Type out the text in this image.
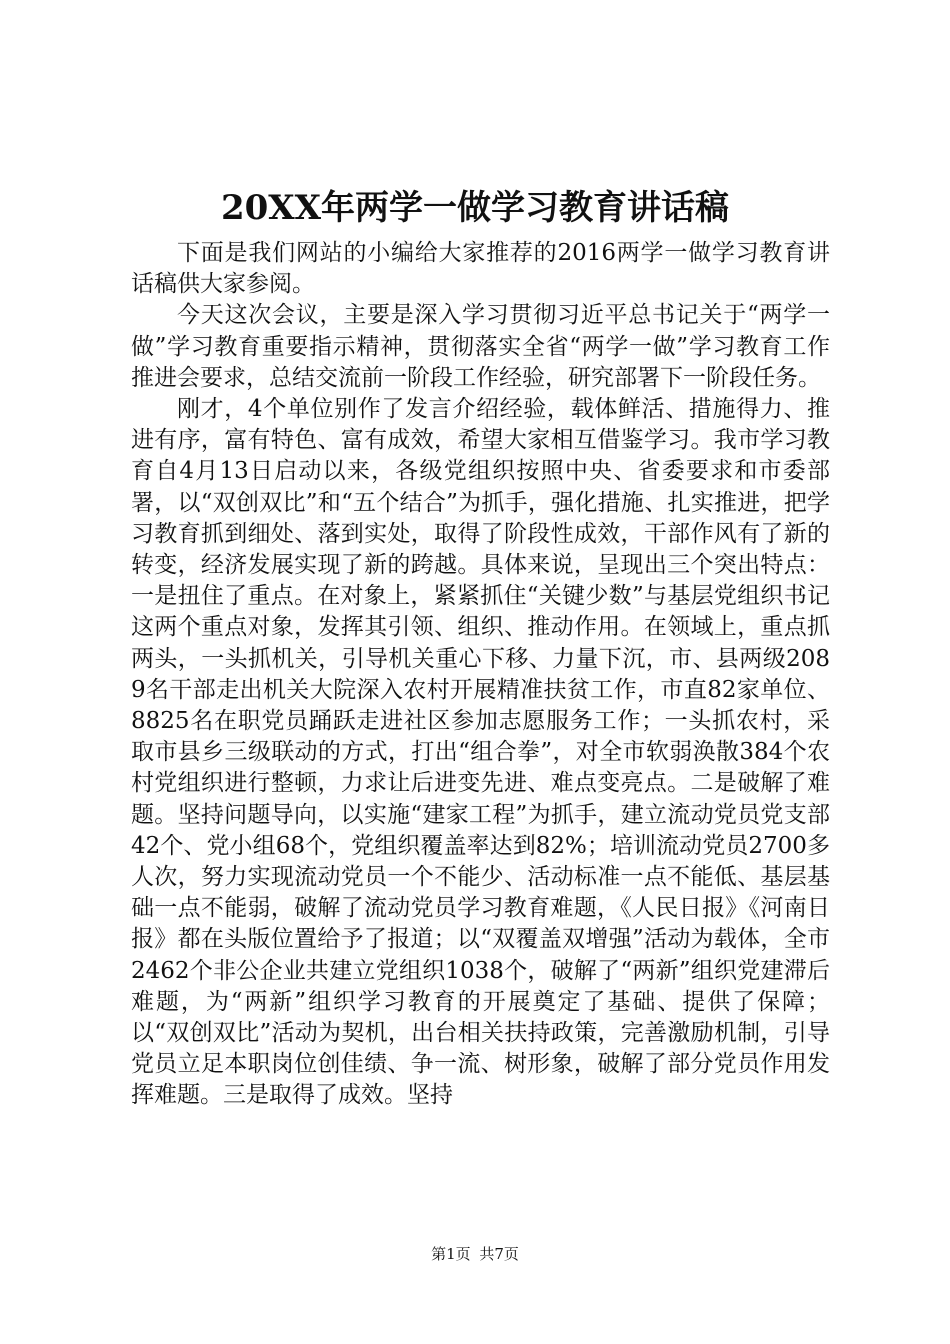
20XX年两学一做学习教育讲话稿

下面是我们网站的小编给大家推荐的2016两学一做学习教育讲话稿供大家参阅。

今天这次会议，主要是深入学习贯彻习近平总书记关于“两学一做”学习教育重要指示精神，贯彻落实全省“两学一做”学习教育工作推进会要求，总结交流前一阶段工作经验，研究部署下一阶段任务。

刚才，4个单位别作了发言介绍经验，载体鲜活、措施得力、推进有序，富有特色、富有成效，希望大家相互借鉴学习。我市学习教育自4月13日启动以来，各级党组织按照中央、省委要求和市委部署，以“双创双比”和“五个结合”为抓手，强化措施、扎实推进，把学习教育抓到细处、落到实处，取得了阶段性成效，干部作风有了新的转变，经济发展实现了新的跨越。具体来说，呈现出三个突出特点：一是扭住了重点。在对象上，紧紧抓住“关键少数”与基层党组织书记这两个重点对象，发挥其引领、组织、推动作用。在领域上，重点抓两头，一头抓机关，引导机关重心下移、力量下沉，市、县两级2089名干部走出机关大院深入农村开展精准扶贫工作，市直82家单位、8825名在职党员踊跃走进社区参加志愿服务工作；一头抓农村，采取市县乡三级联动的方式，打出“组合拳”，对全市软弱涣散384个农村党组织进行整顿，力求让后进变先进、难点变亮点。二是破解了难题。坚持问题导向，以实施“建家工程”为抓手，建立流动党员党支部42个、党小组68个，党组织覆盖率达到82%；培训流动党员2700多人次，努力实现流动党员一个不能少、活动标准一点不能低、基层基础一点不能弱，破解了流动党员学习教育难题，《人民日报》《河南日报》都在头版位置给予了报道；以“双覆盖双增强”活动为载体，全市2462个非公企业共建立党组织1038个，破解了“两新”组织党建滞后难题，为“两新”组织学习教育的开展奠定了基础、提供了保障；以“双创双比”活动为契机，出台相关扶持政策，完善激励机制，引导党员立足本职岗位创佳绩、争一流、树形象，破解了部分党员作用发挥难题。三是取得了成效。坚持

第1页 共7页
